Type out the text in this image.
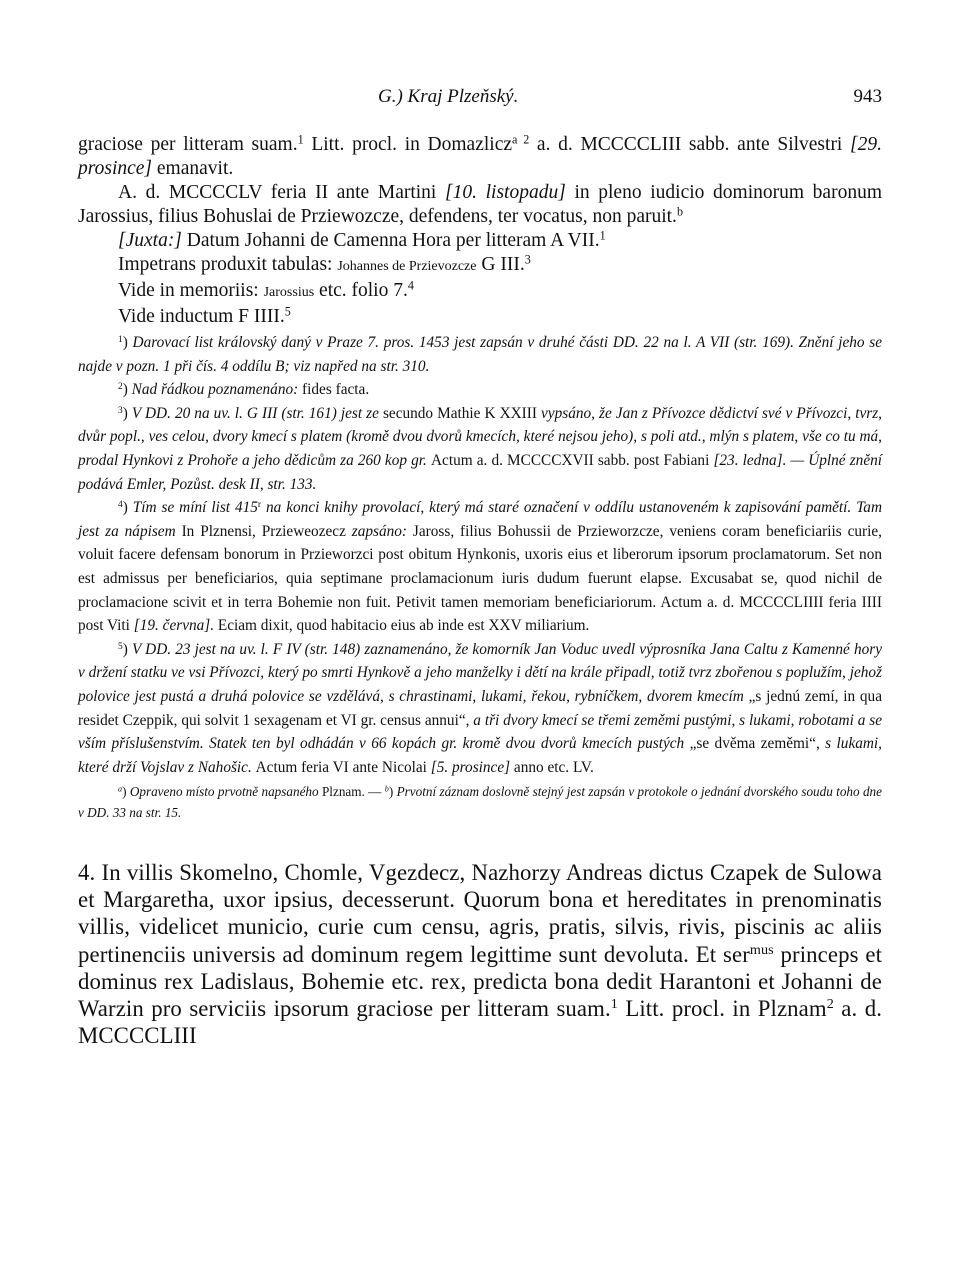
G.) Kraj Plzeňský.	943

graciose per litteram suam.$^1$ Litt. procl. in Domazlicz$^{a 2}$ a. d. MCCCCLIII sabb. ante Silvestri [29. prosince] emanavit.

A. d. MCCCCLV feria II ante Martini [10. listopadu] in pleno iudicio dominorum baronum Jarossius, filius Bohuslai de Prziewozcze, defendens, ter vocatus, non paruit.$^b$

[Juxta:] Datum Johanni de Camenna Hora per litteram A VII.$^1$

Impetrans produxit tabulas: Johannes de Przievozcze G III.$^3$

Vide in memoriis: Jarossius etc. folio 7.$^4$

Vide inductum F IIII.$^5$

$^1$) Darovací list královský daný v Praze 7. pros. 1453 jest zapsán v druhé části DD. 22 na l. A VII (str. 169). Znění jeho se najde v pozn. 1 při čís. 4 oddílu B; viz napřed na str. 310.

$^2$) Nad řádkou poznamenáno: fides facta.

$^3$) V DD. 20 na uv. l. G III (str. 161) jest ze secundo Mathie K XXIII vypsáno, že Jan z Přívozce dědictví své v Přívozci, tvrz, dvůr popl., ves celou, dvory kmecí s platem (kromě dvou dvorů kmecích, které nejsou jeho), s poli atd., mlýn s platem, vše co tu má, prodal Hynkovi z Prohoře a jeho dědicům za 260 kop gr. Actum a. d. MCCCCXVII sabb. post Fabiani [23. ledna]. — Úplné znění podává Emler, Pozůst. desk II, str. 133.

$^4$) Tím se míní list 415$^r$ na konci knihy provolací, který má staré označení v oddílu ustanoveném k zapisování pamětí. Tam jest za nápisem In Plznensi, Przieweozecz zapsáno: Jaross, filius Bohussii de Przieworzcze, veniens coram beneficiariis curie, voluit facere defensam bonorum in Przieworzci post obitum Hynkonis, uxoris eius et liberorum ipsorum proclamatorum. Set non est admissus per beneficiarios, quia septimane proclamacionum iuris dudum fuerunt elapse. Excusabat se, quod nichil de proclamacione scivit et in terra Bohemie non fuit. Petivit tamen memoriam beneficiariorum. Actum a. d. MCCCCLIIII feria IIII post Viti [19. června]. Eciam dixit, quod habitacio eius ab inde est XXV miliarium.

$^5$) V DD. 23 jest na uv. l. F IV (str. 148) zaznamenáno, že komorník Jan Voduc uvedl výprosníka Jana Caltu z Kamenné hory v držení statku ve vsi Přívozci, který po smrti Hynkově a jeho manželky i dětí na krále připadl, totiž tvrz zbořenou s poplužím, jehož polovice jest pustá a druhá polovice se vzdělává, s chrastinami, lukami, řekou, rybníčkem, dvorem kmecím „s jednú zemí, in qua residet Czeppik, qui solvit 1 sexagenam et VI gr. census annui“, a tři dvory kmecí se třemi zeměmi pustými, s lukami, robotami a se vším příslušenstvím. Statek ten byl odhádán v 66 kopách gr. kromě dvou dvorů kmecích pustých „se dvěma zeměmi“, s lukami, které drží Vojslav z Nahošic. Actum feria VI ante Nicolai [5. prosince] anno etc. LV.

$^a$) Opraveno místo prvotně napsaného Plznam. — $^b$) Prvotní záznam doslovně stejný jest zapsán v protokole o jednání dvorského soudu toho dne v DD. 33 na str. 15.

4. In villis Skomelno, Chomle, Vgezdecz, Nazhorzy Andreas dictus Czapek de Sulowa et Margaretha, uxor ipsius, decesserunt. Quorum bona et hereditates in prenominatis villis, videlicet municio, curie cum censu, agris, pratis, silvis, rivis, piscinis ac aliis pertinenciis universis ad dominum regem legittime sunt devoluta. Et ser$^{mus}$ princeps et dominus rex Ladislaus, Bohemie etc. rex, predicta bona dedit Harantoni et Johanni de Warzin pro serviciis ipsorum graciose per litteram suam.$^1$ Litt. procl. in Plznam$^2$ a. d. MCCCCLIII
